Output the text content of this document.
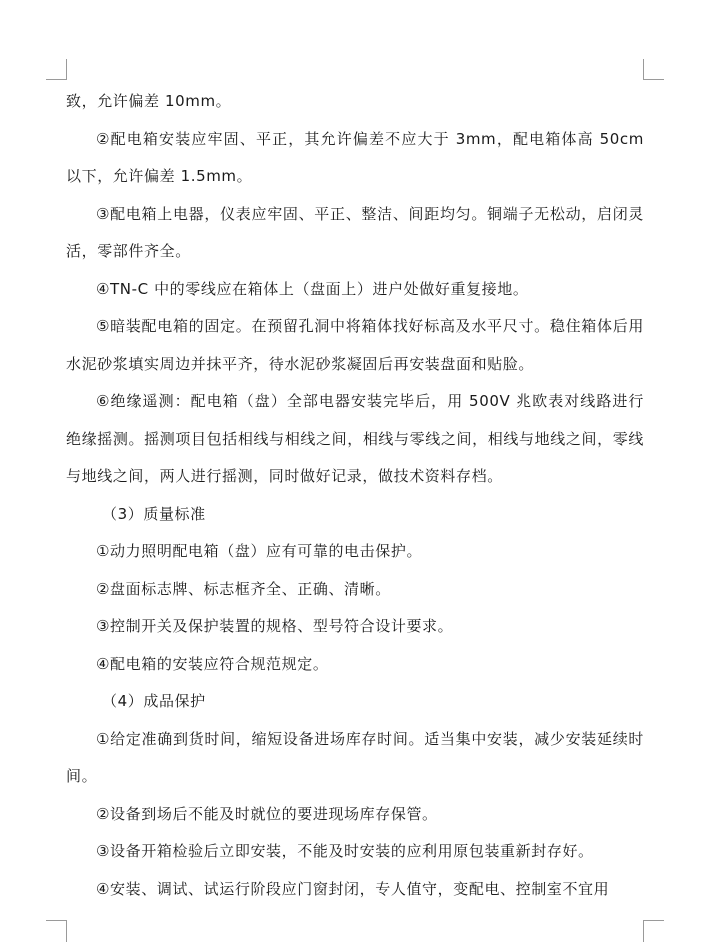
致，允许偏差 10mm。

②配电箱安装应牢固、平正，其允许偏差不应大于 3mm，配电箱体高 50cm 以下，允许偏差 1.5mm。

③配电箱上电器，仪表应牢固、平正、整洁、间距均匀。铜端子无松动，启闭灵活，零部件齐全。

④TN-C 中的零线应在箱体上（盘面上）进户处做好重复接地。

⑤暗装配电箱的固定。在预留孔洞中将箱体找好标高及水平尺寸。稳住箱体后用水泥砂浆填实周边并抹平齐，待水泥砂浆凝固后再安装盘面和贴脸。

⑥绝缘遥测：配电箱（盘）全部电器安装完毕后，用 500V 兆欧表对线路进行绝缘摇测。摇测项目包括相线与相线之间，相线与零线之间，相线与地线之间，零线与地线之间，两人进行摇测，同时做好记录，做技术资料存档。

（3）质量标准

①动力照明配电箱（盘）应有可靠的电击保护。

②盘面标志牌、标志框齐全、正确、清晰。

③控制开关及保护装置的规格、型号符合设计要求。

④配电箱的安装应符合规范规定。

（4）成品保护

①给定准确到货时间，缩短设备进场库存时间。适当集中安装，减少安装延续时间。

②设备到场后不能及时就位的要进现场库存保管。

③设备开箱检验后立即安装，不能及时安装的应利用原包装重新封存好。

④安装、调试、试运行阶段应门窗封闭，专人值守，变配电、控制室不宜用
